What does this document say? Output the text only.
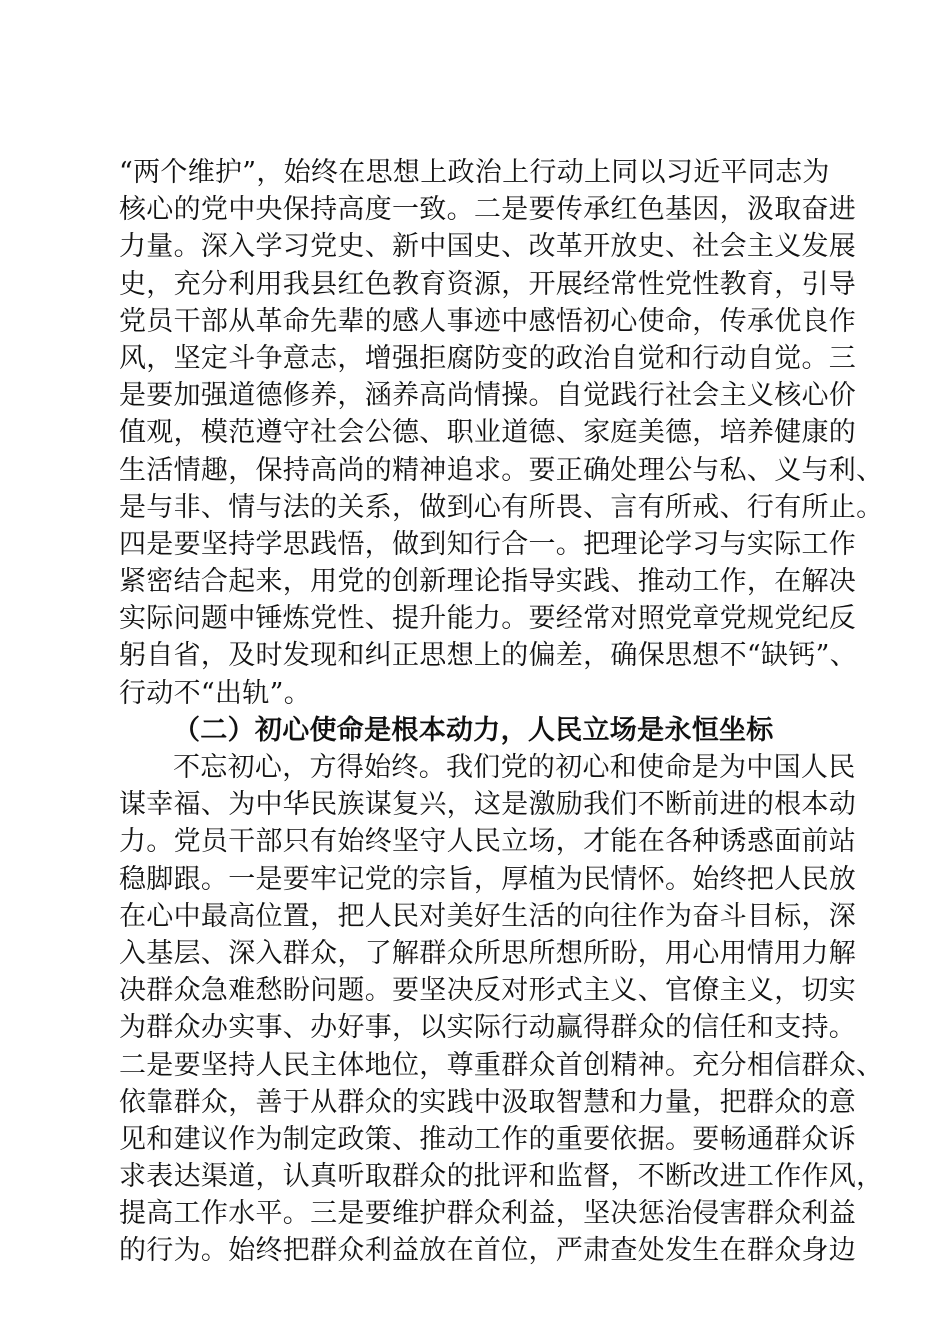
“两个维护”，始终在思想上政治上行动上同以习近平同志为
核心的党中央保持高度一致。二是要传承红色基因，汲取奋进
力量。深入学习党史、新中国史、改革开放史、社会主义发展
史，充分利用我县红色教育资源，开展经常性党性教育，引导
党员干部从革命先辈的感人事迹中感悟初心使命，传承优良作
风，坚定斗争意志，增强拒腐防变的政治自觉和行动自觉。三
是要加强道德修养，涵养高尚情操。自觉践行社会主义核心价
值观，模范遵守社会公德、职业道德、家庭美德，培养健康的
生活情趣，保持高尚的精神追求。要正确处理公与私、义与利、
是与非、情与法的关系，做到心有所畏、言有所戒、行有所止。
四是要坚持学思践悟，做到知行合一。把理论学习与实际工作
紧密结合起来，用党的创新理论指导实践、推动工作，在解决
实际问题中锤炼党性、提升能力。要经常对照党章党规党纪反
躬自省，及时发现和纠正思想上的偏差，确保思想不“缺钙”、
行动不“出轨”。
（二）初心使命是根本动力，人民立场是永恒坐标
不忘初心，方得始终。我们党的初心和使命是为中国人民
谋幸福、为中华民族谋复兴，这是激励我们不断前进的根本动
力。党员干部只有始终坚守人民立场，才能在各种诱惑面前站
稳脚跟。一是要牢记党的宗旨，厚植为民情怀。始终把人民放
在心中最高位置，把人民对美好生活的向往作为奋斗目标，深
入基层、深入群众，了解群众所思所想所盼，用心用情用力解
决群众急难愁盼问题。要坚决反对形式主义、官僚主义，切实
为群众办实事、办好事，以实际行动赢得群众的信任和支持。
二是要坚持人民主体地位，尊重群众首创精神。充分相信群众、
依靠群众，善于从群众的实践中汲取智慧和力量，把群众的意
见和建议作为制定政策、推动工作的重要依据。要畅通群众诉
求表达渠道，认真听取群众的批评和监督，不断改进工作作风，
提高工作水平。三是要维护群众利益，坚决惩治侵害群众利益
的行为。始终把群众利益放在首位，严肃查处发生在群众身边
